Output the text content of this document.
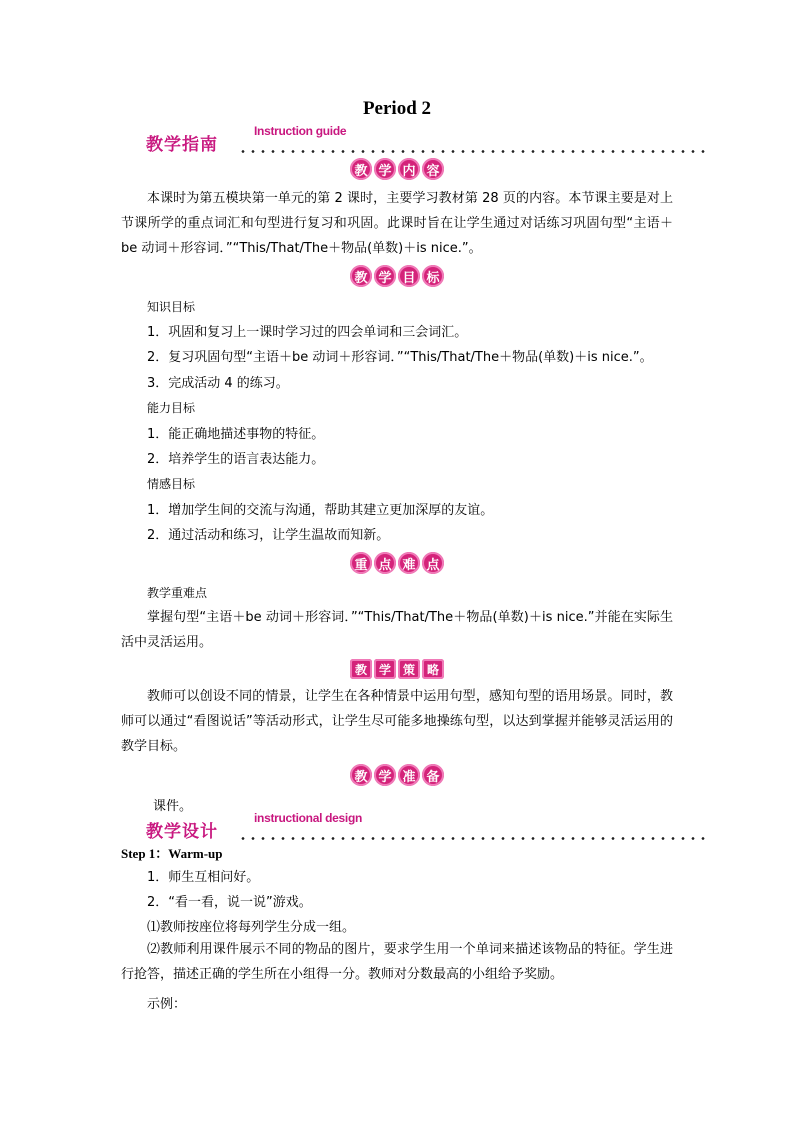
Period 2
教学指南
Instruction guide
教 学 内 容
本课时为第五模块第一单元的第 2 课时，主要学习教材第 28 页的内容。本节课主要是对上节课所学的重点词汇和句型进行复习和巩固。此课时旨在让学生通过对话练习巩固句型“主语＋be 动词＋形容词．”“This/That/The＋物品(单数)＋is nice.”。
教 学 目 标
知识目标
1．巩固和复习上一课时学习过的四会单词和三会词汇。
2．复习巩固句型“主语＋be 动词＋形容词．”“This/That/The＋物品(单数)＋is nice.”。
3．完成活动 4 的练习。
能力目标
1．能正确地描述事物的特征。
2．培养学生的语言表达能力。
情感目标
1．增加学生间的交流与沟通，帮助其建立更加深厚的友谊。
2．通过活动和练习，让学生温故而知新。
重 点 难 点
教学重难点
掌握句型“主语＋be 动词＋形容词．”“This/That/The＋物品(单数)＋is nice.”并能在实际生活中灵活运用。
教 学 策 略
教师可以创设不同的情景，让学生在各种情景中运用句型，感知句型的语用场景。同时，教师可以通过“看图说话”等活动形式，让学生尽可能多地操练句型，以达到掌握并能够灵活运用的教学目标。
教 学 准 备
课件。
教学设计
instructional design
Step 1：Warm-up
1．师生互相问好。
2．“看一看，说一说”游戏。
⑴教师按座位将每列学生分成一组。
⑵教师利用课件展示不同的物品的图片，要求学生用一个单词来描述该物品的特征。学生进行抢答，描述正确的学生所在小组得一分。教师对分数最高的小组给予奖励。
示例：
